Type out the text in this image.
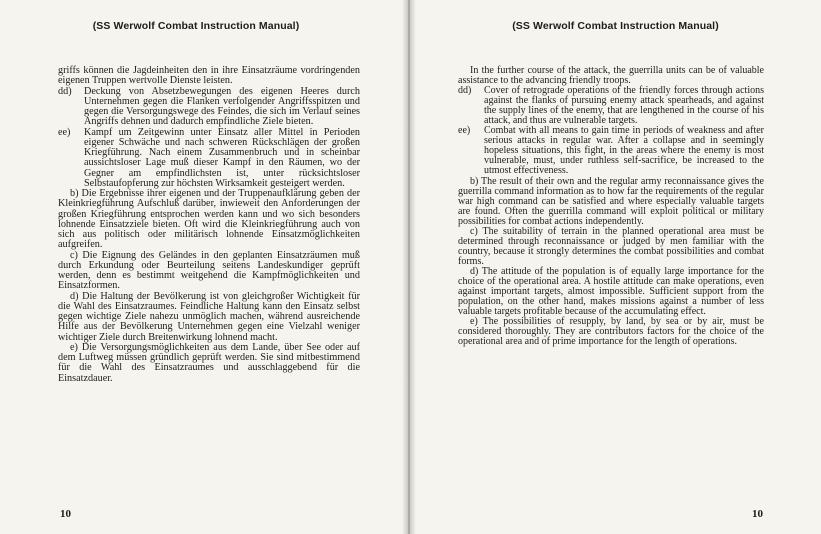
(SS Werwolf Combat Instruction Manual)

griffs können die Jagdeinheiten den in ihre Einsatzräume vordringenden eigenen Truppen wertvolle Dienste leisten.

dd) Deckung von Absetzbewegungen des eigenen Heeres durch Unternehmen gegen die Flanken verfolgender Angriffsspitzen und gegen die Versorgungswege des Feindes, die sich im Verlauf seines Angriffs dehnen und dadurch empfindliche Ziele bieten.
ee) Kampf um Zeitgewinn unter Einsatz aller Mittel in Perioden eigener Schwäche und nach schweren Rückschlägen der großen Kriegführung. Nach einem Zusammenbruch und in scheinbar aussichtsloser Lage muß dieser Kampf in den Räumen, wo der Gegner am empfindlichsten ist, unter rücksichtsloser Selbstaufopferung zur höchsten Wirksamkeit gesteigert werden.

b) Die Ergebnisse ihrer eigenen und der Truppenaufklärung geben der Kleinkriegführung Aufschluß darüber, inwieweit den Anforderungen der großen Kriegführung entsprochen werden kann und wo sich besonders lohnende Einsatzziele bieten. Oft wird die Kleinkriegführung auch von sich aus politisch oder militärisch lohnende Einsatzmöglichkeiten aufgreifen.

c) Die Eignung des Geländes in den geplanten Einsatzräumen muß durch Erkundung oder Beurteilung seitens Landeskundiger geprüft werden, denn es bestimmt weitgehend die Kampfmöglichkeiten und Einsatzformen.

d) Die Haltung der Bevölkerung ist von gleichgroßer Wichtigkeit für die Wahl des Einsatzraumes. Feindliche Haltung kann den Einsatz selbst gegen wichtige Ziele nahezu unmöglich machen, während ausreichende Hilfe aus der Bevölkerung Unternehmen gegen eine Vielzahl weniger wichtiger Ziele durch Breitenwirkung lohnend macht.

e) Die Versorgungsmöglichkeiten aus dem Lande, über See oder auf dem Luftweg müssen gründlich geprüft werden. Sie sind mitbestimmend für die Wahl des Einsatzraumes und ausschlaggebend für die Einsatzdauer.

10
(SS Werwolf Combat Instruction Manual)

In the further course of the attack, the guerrilla units can be of valuable assistance to the advancing friendly troops.

dd) Cover of retrograde operations of the friendly forces through actions against the flanks of pursuing enemy attack spearheads, and against the supply lines of the enemy, that are lengthened in the course of his attack, and thus are vulnerable targets.
ee) Combat with all means to gain time in periods of weakness and after serious attacks in regular war. After a collapse and in seemingly hopeless situations, this fight, in the areas where the enemy is most vulnerable, must, under ruthless self-sacrifice, be increased to the utmost effectiveness.

b) The result of their own and the regular army reconnaissance gives the guerrilla command information as to how far the requirements of the regular war high command can be satisfied and where especially valuable targets are found. Often the guerrilla command will exploit political or military possibilities for combat actions independently.

c) The suitability of terrain in the planned operational area must be determined through reconnaissance or judged by men familiar with the country, because it strongly determines the combat possibilities and combat forms.

d) The attitude of the population is of equally large importance for the choice of the operational area. A hostile attitude can make operations, even against important targets, almost impossible. Sufficient support from the population, on the other hand, makes missions against a number of less valuable targets profitable because of the accumulating effect.

e) The possibilities of resupply, by land, by sea or by air, must be considered thoroughly. They are contributors factors for the choice of the operational area and of prime importance for the length of operations.

10
